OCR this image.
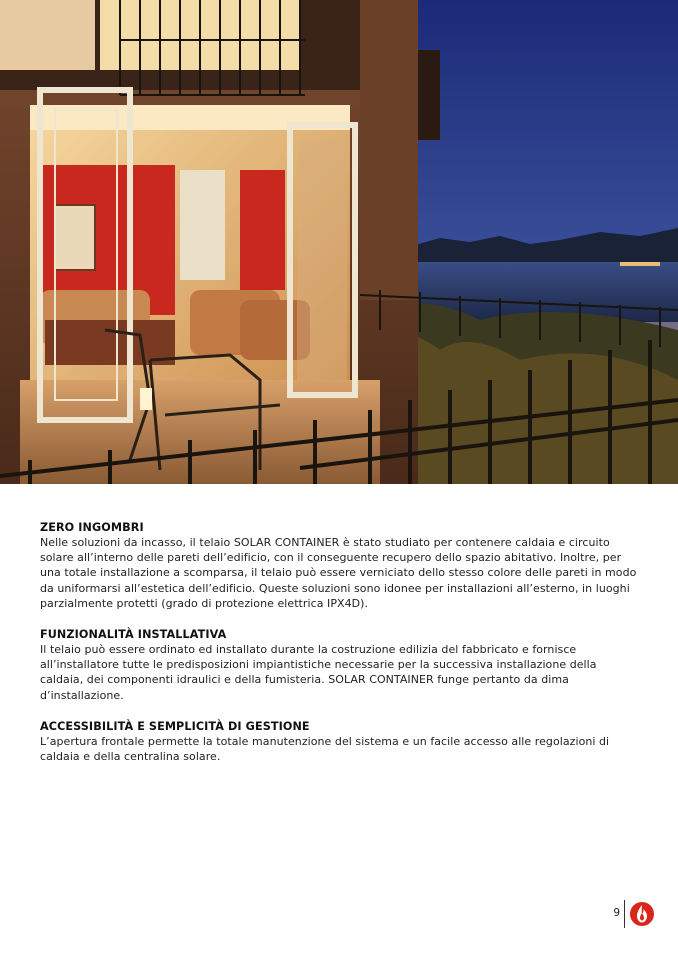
ZERO INGOMBRI

Nelle soluzioni da incasso, il telaio SOLAR CONTAINER è stato studiato per contenere caldaia e circuito solare all’interno delle pareti dell’edificio, con il conseguente recupero dello spazio abitativo. Inoltre, per una totale installazione a scomparsa, il telaio può essere verniciato dello stesso colore delle pareti in modo da uniformarsi all’estetica dell’edificio. Queste soluzioni sono idonee per installazioni all’esterno, in luoghi parzialmente protetti (grado di protezione elettrica IPX4D).

FUNZIONALITÀ INSTALLATIVA

Il telaio può essere ordinato ed installato durante la costruzione edilizia del fabbricato e fornisce all’installatore tutte le predisposizioni impiantistiche necessarie per la successiva installazione della caldaia, dei componenti idraulici e della fumisteria. SOLAR CONTAINER funge pertanto da dima d’installazione.

ACCESSIBILITÀ E SEMPLICITÀ DI GESTIONE

L’apertura frontale permette la totale manutenzione del sistema e un facile accesso alle regolazioni di caldaia e della centralina solare.

9
